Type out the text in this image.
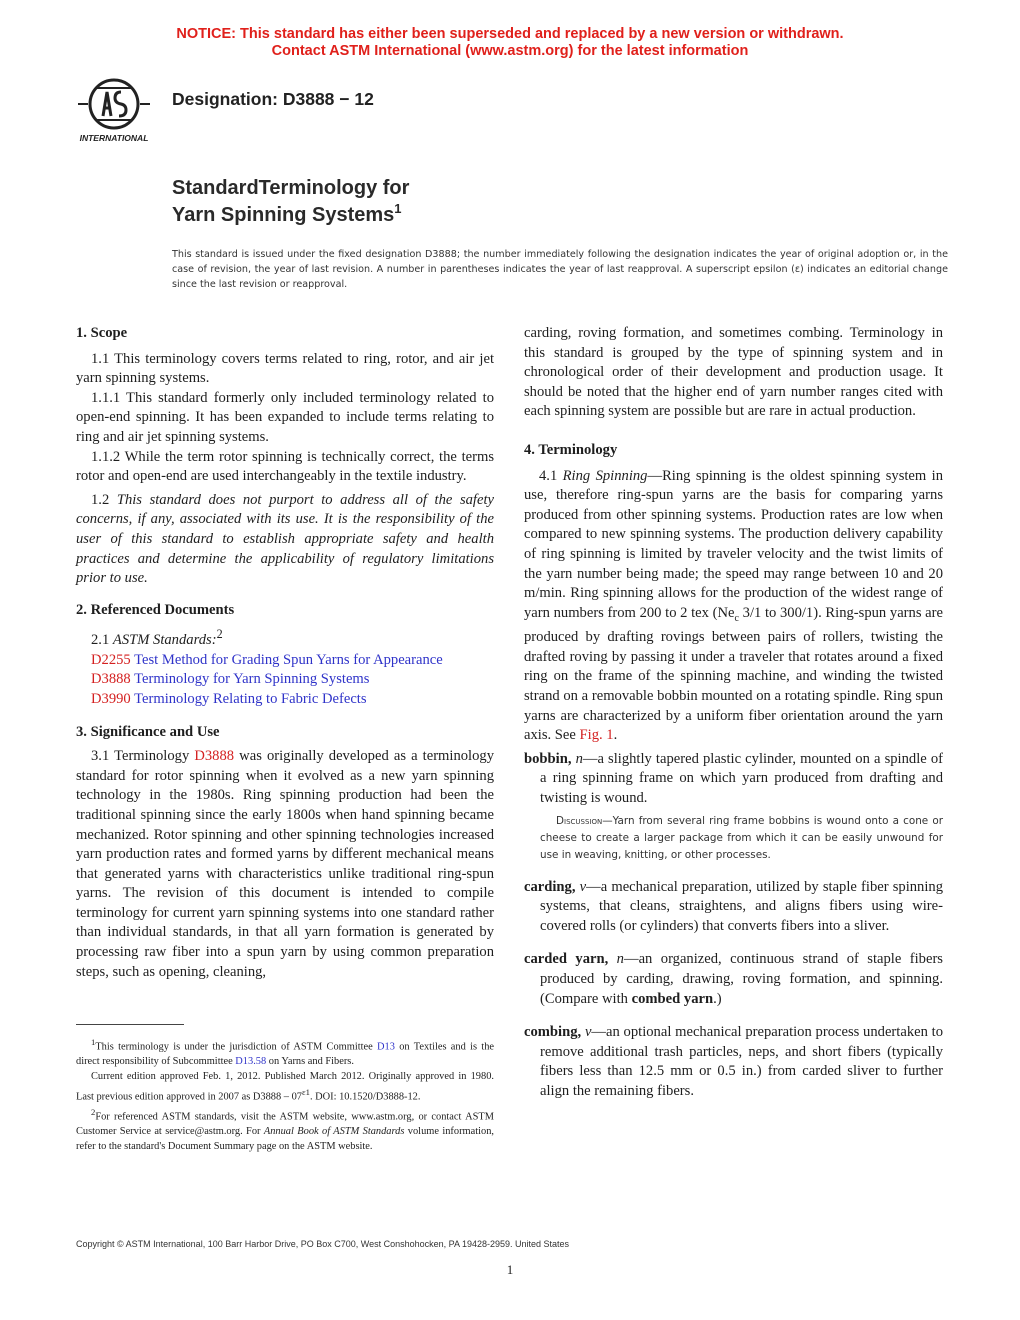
NOTICE: This standard has either been superseded and replaced by a new version or withdrawn.
Contact ASTM International (www.astm.org) for the latest information
INTERNATIONAL
Designation: D3888 − 12
StandardTerminology for
Yarn Spinning Systems$^1$
This standard is issued under the fixed designation D3888; the number immediately following the designation indicates the year of original adoption or, in the case of revision, the year of last revision. A number in parentheses indicates the year of last reapproval. A superscript epsilon (ε) indicates an editorial change since the last revision or reapproval.

1. Scope

1.1 This terminology covers terms related to ring, rotor, and air jet yarn spinning systems.

1.1.1 This standard formerly only included terminology related to open-end spinning. It has been expanded to include terms relating to ring and air jet spinning systems.

1.1.2 While the term rotor spinning is technically correct, the terms rotor and open-end are used interchangeably in the textile industry.

1.2 This standard does not purport to address all of the safety concerns, if any, associated with its use. It is the responsibility of the user of this standard to establish appropriate safety and health practices and determine the applicability of regulatory limitations prior to use.

2. Referenced Documents

2.1 ASTM Standards:$^2$

D2255 Test Method for Grading Spun Yarns for Appearance

D3888 Terminology for Yarn Spinning Systems

D3990 Terminology Relating to Fabric Defects

3. Significance and Use

3.1 Terminology D3888 was originally developed as a terminology standard for rotor spinning when it evolved as a new yarn spinning technology in the 1980s. Ring spinning production had been the traditional spinning since the early 1800s when hand spinning became mechanized. Rotor spinning and other spinning technologies increased yarn production rates and formed yarns by different mechanical means that generated yarns with characteristics unlike traditional ring-spun yarns. The revision of this document is intended to compile terminology for current yarn spinning systems into one standard rather than individual standards, in that all yarn formation is generated by processing raw fiber into a spun yarn by using common preparation steps, such as opening, cleaning,

$^1$This terminology is under the jurisdiction of ASTM Committee D13 on Textiles and is the direct responsibility of Subcommittee D13.58 on Yarns and Fibers.

Current edition approved Feb. 1, 2012. Published March 2012. Originally approved in 1980. Last previous edition approved in 2007 as $D3888 - 07^{\varepsilon 1}$. DOI: 10.1520/D3888-12.

$^2$For referenced ASTM standards, visit the ASTM website, www.astm.org, or contact ASTM Customer Service at service@astm.org. For Annual Book of ASTM Standards volume information, refer to the standard's Document Summary page on the ASTM website.

carding, roving formation, and sometimes combing. Terminology in this standard is grouped by the type of spinning system and in chronological order of their development and production usage. It should be noted that the higher end of yarn number ranges cited with each spinning system are possible but are rare in actual production.

4. Terminology

4.1 Ring Spinning—Ring spinning is the oldest spinning system in use, therefore ring-spun yarns are the basis for comparing yarns produced from other spinning systems. Production rates are low when compared to new spinning systems. The production delivery capability of ring spinning is limited by traveler velocity and the twist limits of the yarn number being made; the speed may range between 10 and 20 m/min. Ring spinning allows for the production of the widest range of yarn numbers from 200 to 2 tex ($Ne_c$ 3/1 to 300/1). Ring-spun yarns are produced by drafting rovings between pairs of rollers, twisting the drafted roving by passing it under a traveler that rotates around a fixed ring on the frame of the spinning machine, and winding the twisted strand on a removable bobbin mounted on a rotating spindle. Ring spun yarns are characterized by a uniform fiber orientation around the yarn axis. See Fig. 1.

bobbin, n—a slightly tapered plastic cylinder, mounted on a spindle of a ring spinning frame on which yarn produced from drafting and twisting is wound.

Discussion—Yarn from several ring frame bobbins is wound onto a cone or cheese to create a larger package from which it can be easily unwound for use in weaving, knitting, or other processes.

carding, v—a mechanical preparation, utilized by staple fiber spinning systems, that cleans, straightens, and aligns fibers using wire-covered rolls (or cylinders) that converts fibers into a sliver.

carded yarn, n—an organized, continuous strand of staple fibers produced by carding, drawing, roving formation, and spinning. (Compare with combed yarn.)

combing, v—an optional mechanical preparation process undertaken to remove additional trash particles, neps, and short fibers (typically fibers less than 12.5 mm or 0.5 in.) from carded sliver to further align the remaining fibers.

Copyright © ASTM International, 100 Barr Harbor Drive, PO Box C700, West Conshohocken, PA 19428-2959. United States
1
